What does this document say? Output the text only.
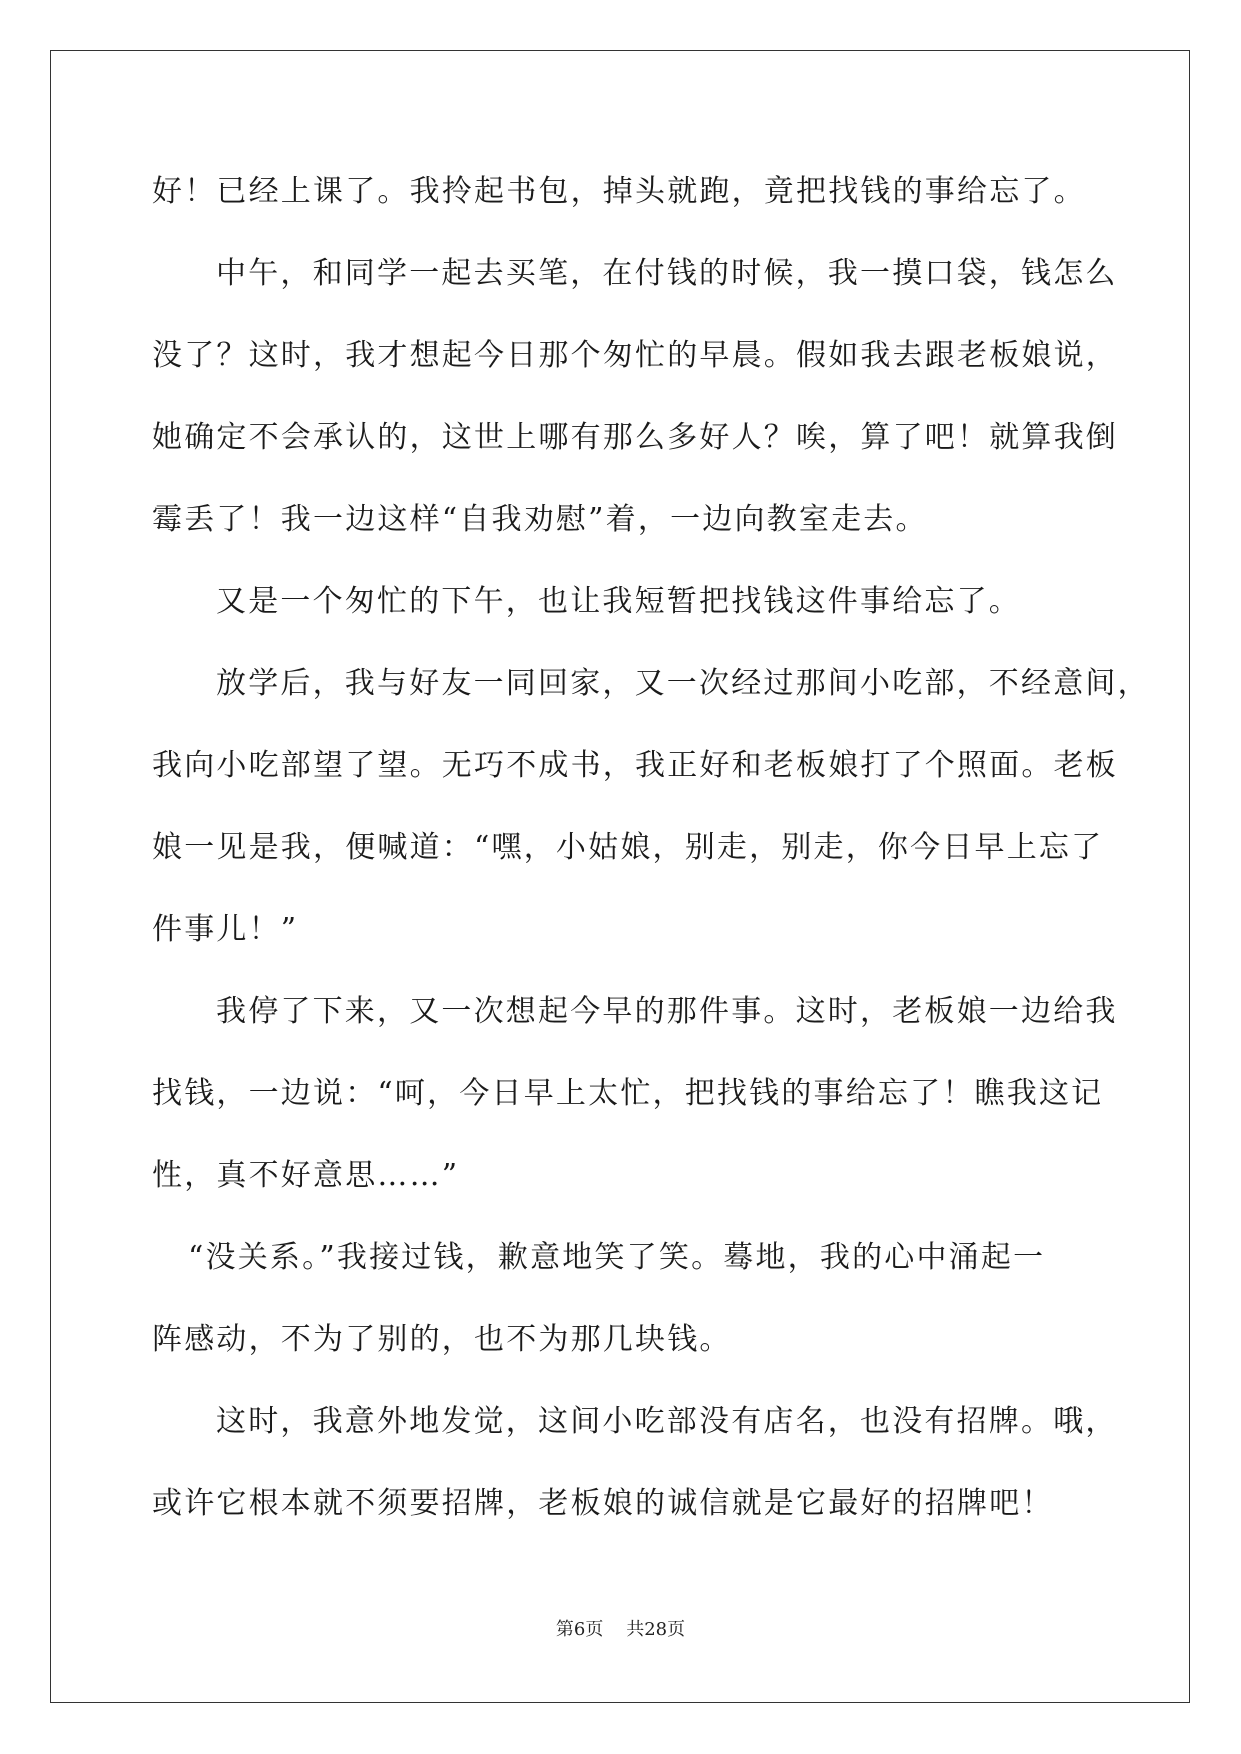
好！已经上课了。我拎起书包，掉头就跑，竟把找钱的事给忘了。
中午，和同学一起去买笔，在付钱的时候，我一摸口袋，钱怎么
没了？这时，我才想起今日那个匆忙的早晨。假如我去跟老板娘说，
她确定不会承认的，这世上哪有那么多好人？唉，算了吧！就算我倒
霉丢了！我一边这样“自我劝慰”着，一边向教室走去。
又是一个匆忙的下午，也让我短暂把找钱这件事给忘了。
放学后，我与好友一同回家，又一次经过那间小吃部，不经意间，
我向小吃部望了望。无巧不成书，我正好和老板娘打了个照面。老板
娘一见是我，便喊道：“嘿，小姑娘，别走，别走，你今日早上忘了
件事儿！”
我停了下来，又一次想起今早的那件事。这时，老板娘一边给我
找钱，一边说：“呵，今日早上太忙，把找钱的事给忘了！瞧我这记
性，真不好意思……”
“没关系。”我接过钱，歉意地笑了笑。蓦地，我的心中涌起一
阵感动，不为了别的，也不为那几块钱。
这时，我意外地发觉，这间小吃部没有店名，也没有招牌。哦，
或许它根本就不须要招牌，老板娘的诚信就是它最好的招牌吧！
第6页    共28页
